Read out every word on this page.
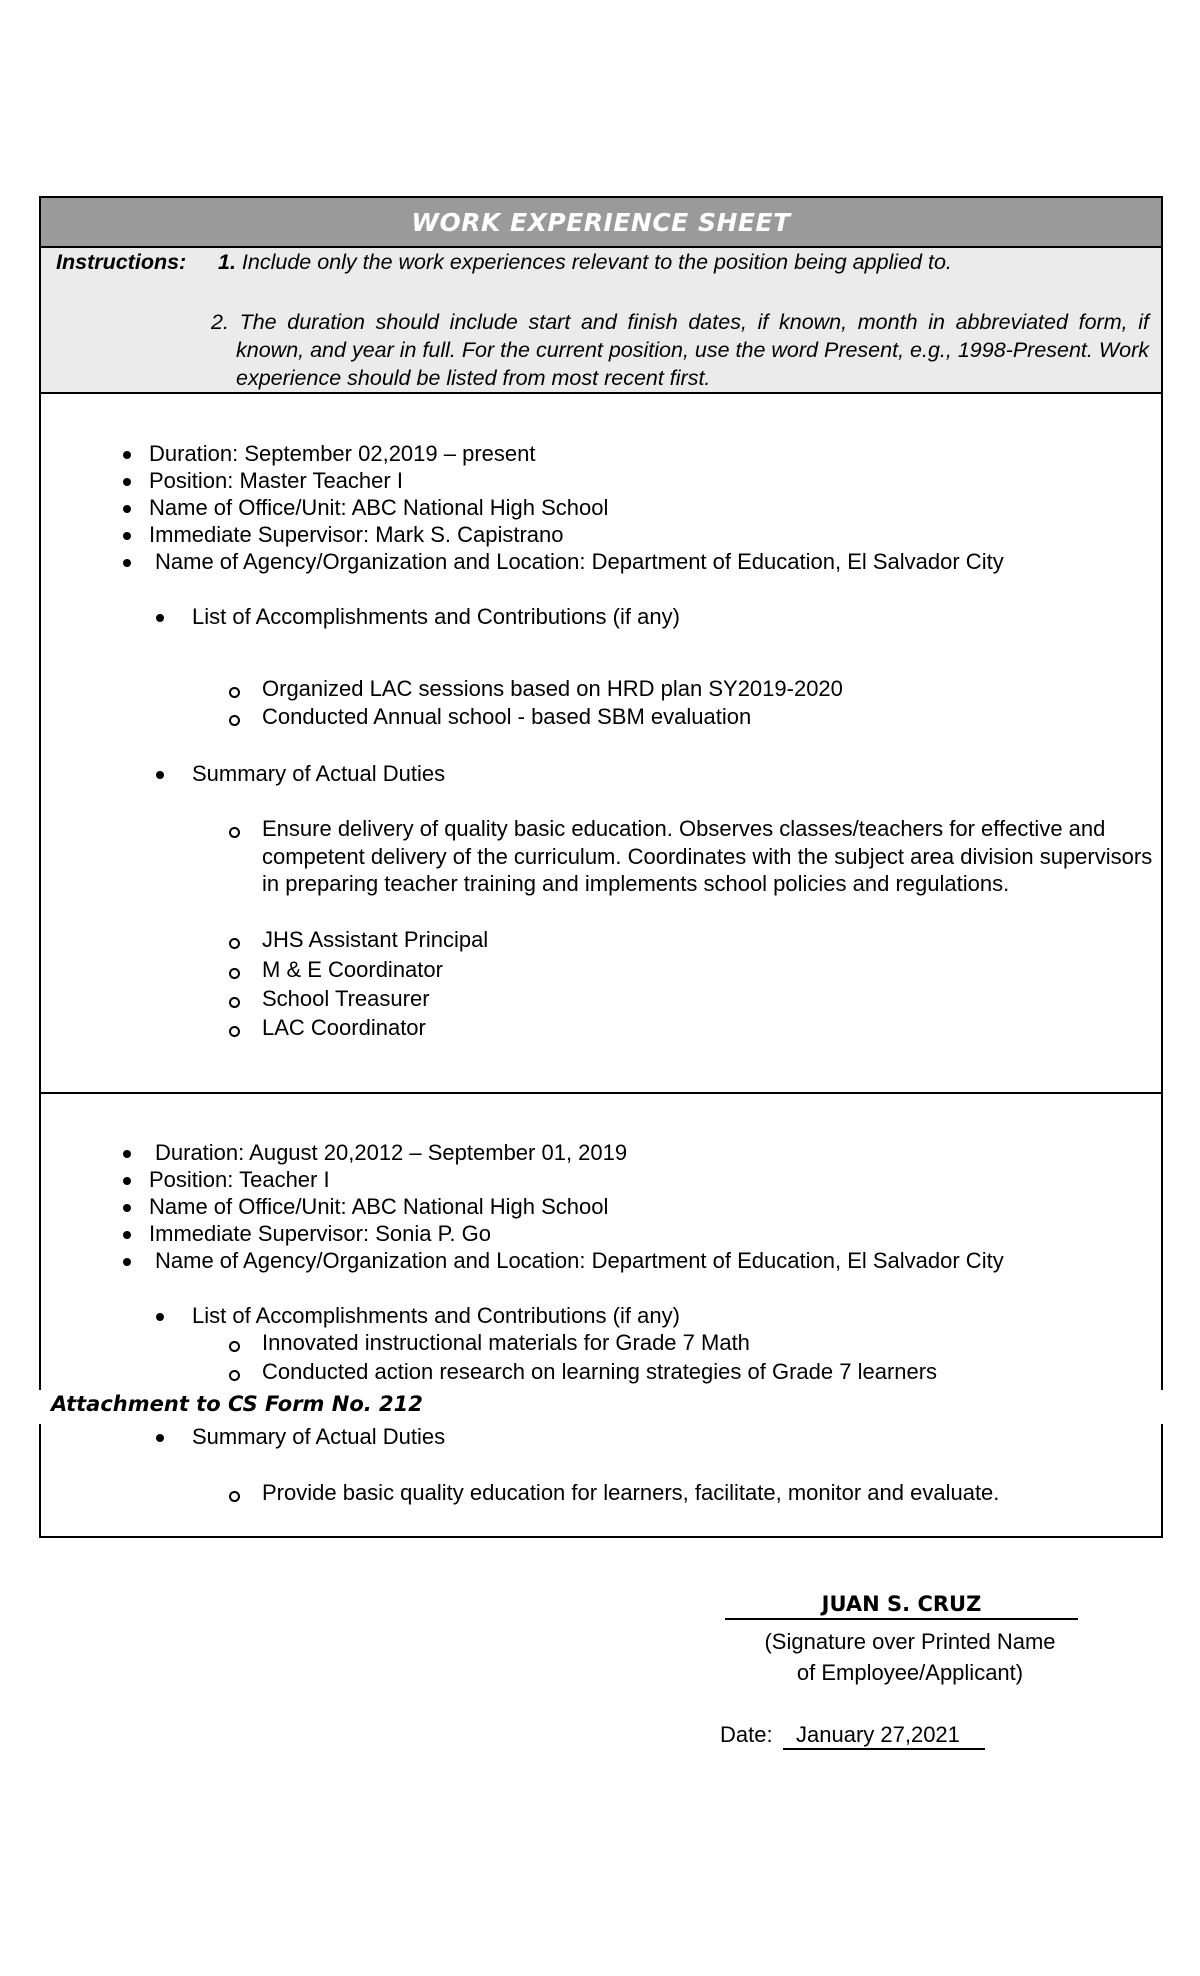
WORK EXPERIENCE SHEET
Instructions: 1. Include only the work experiences relevant to the position being applied to.
2. The duration should include start and finish dates, if known, month in abbreviated form, if known, and year in full. For the current position, use the word Present, e.g., 1998-Present. Work experience should be listed from most recent first.
Duration: September 02,2019 – present
Position: Master Teacher I
Name of Office/Unit: ABC National High School
Immediate Supervisor: Mark S. Capistrano
Name of Agency/Organization and Location: Department of Education, El Salvador City
List of Accomplishments and Contributions (if any)
Organized LAC sessions based on HRD plan SY2019-2020
Conducted Annual school - based SBM evaluation
Summary of Actual Duties
Ensure delivery of quality basic education. Observes classes/teachers for effective and competent delivery of the curriculum. Coordinates with the subject area division supervisors in preparing teacher training and implements school policies and regulations.
JHS Assistant Principal
M & E Coordinator
School Treasurer
LAC Coordinator
Duration: August 20,2012 – September 01, 2019
Position: Teacher I
Name of Office/Unit: ABC National High School
Immediate Supervisor: Sonia P. Go
Name of Agency/Organization and Location: Department of Education, El Salvador City
List of Accomplishments and Contributions (if any)
Innovated instructional materials for Grade 7 Math
Conducted action research on learning strategies of Grade 7 learners
Summary of Actual Duties
Provide basic quality education for learners, facilitate, monitor and evaluate.
Attachment to CS Form No. 212
JUAN S. CRUZ
(Signature over Printed Name
of Employee/Applicant)
Date:	January 27,2021
